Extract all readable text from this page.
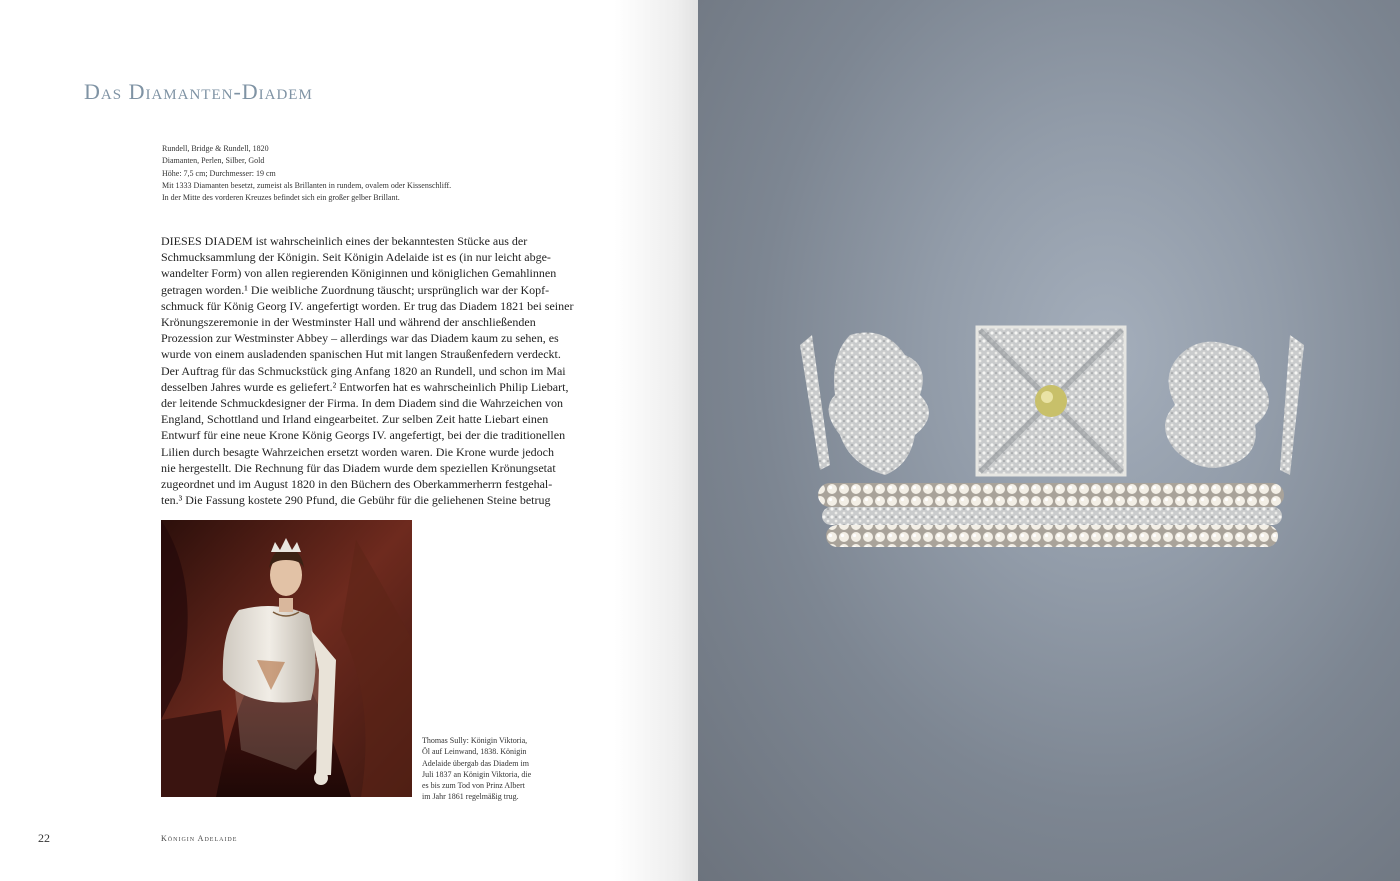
Das Diamanten-Diadem
Rundell, Bridge & Rundell, 1820
Diamanten, Perlen, Silber, Gold
Höhe: 7,5 cm; Durchmesser: 19 cm
Mit 1333 Diamanten besetzt, zumeist als Brillanten in rundem, ovalem oder Kissenschliff.
In der Mitte des vorderen Kreuzes befindet sich ein großer gelber Brillant.
DIESES DIADEM ist wahrscheinlich eines der bekanntesten Stücke aus der
Schmucksammlung der Königin. Seit Königin Adelaide ist es (in nur leicht abge-
wandelter Form) von allen regierenden Königinnen und königlichen Gemahlinnen
getragen worden.¹ Die weibliche Zuordnung täuscht; ursprünglich war der Kopf-
schmuck für König Georg IV. angefertigt worden. Er trug das Diadem 1821 bei seiner
Krönungszeremonie in der Westminster Hall und während der anschließenden
Prozession zur Westminster Abbey – allerdings war das Diadem kaum zu sehen, es
wurde von einem ausladenden spanischen Hut mit langen Straußenfedern verdeckt.
Der Auftrag für das Schmuckstück ging Anfang 1820 an Rundell, und schon im Mai
desselben Jahres wurde es geliefert.² Entworfen hat es wahrscheinlich Philip Liebart,
der leitende Schmuckdesigner der Firma. In dem Diadem sind die Wahrzeichen von
England, Schottland und Irland eingearbeitet. Zur selben Zeit hatte Liebart einen
Entwurf für eine neue Krone König Georgs IV. angefertigt, bei der die traditionellen
Lilien durch besagte Wahrzeichen ersetzt worden waren. Die Krone wurde jedoch
nie hergestellt. Die Rechnung für das Diadem wurde dem speziellen Krönungsetat
zugeordnet und im August 1820 in den Büchern des Oberkammerherrn festgehal-
ten.³ Die Fassung kostete 290 Pfund, die Gebühr für die geliehenen Steine betrug
Thomas Sully: Königin Viktoria,
Öl auf Leinwand, 1838. Königin
Adelaide übergab das Diadem im
Juli 1837 an Königin Viktoria, die
es bis zum Tod von Prinz Albert
im Jahr 1861 regelmäßig trug.
22	Königin Adelaide
